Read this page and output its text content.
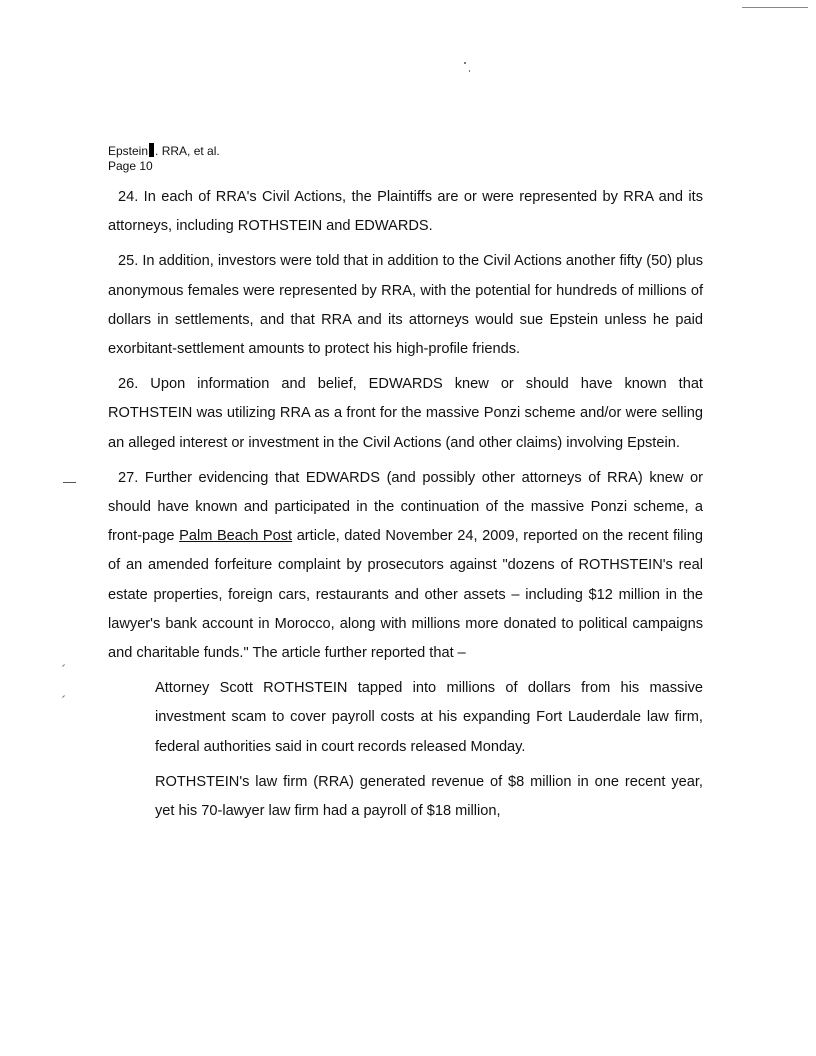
Epstein . RRA, et al.
Page 10

24. In each of RRA's Civil Actions, the Plaintiffs are or were represented by RRA and its attorneys, including ROTHSTEIN and EDWARDS.

25. In addition, investors were told that in addition to the Civil Actions another fifty (50) plus anonymous females were represented by RRA, with the potential for hundreds of millions of dollars in settlements, and that RRA and its attorneys would sue Epstein unless he paid exorbitant-settlement amounts to protect his high-profile friends.

26. Upon information and belief, EDWARDS knew or should have known that ROTHSTEIN was utilizing RRA as a front for the massive Ponzi scheme and/or were selling an alleged interest or investment in the Civil Actions (and other claims) involving Epstein.

27. Further evidencing that EDWARDS (and possibly other attorneys of RRA) knew or should have known and participated in the continuation of the massive Ponzi scheme, a front-page Palm Beach Post article, dated November 24, 2009, reported on the recent filing of an amended forfeiture complaint by prosecutors against "dozens of ROTHSTEIN's real estate properties, foreign cars, restaurants and other assets – including $12 million in the lawyer's bank account in Morocco, along with millions more donated to political campaigns and charitable funds." The article further reported that –

Attorney Scott ROTHSTEIN tapped into millions of dollars from his massive investment scam to cover payroll costs at his expanding Fort Lauderdale law firm, federal authorities said in court records released Monday.

ROTHSTEIN's law firm (RRA) generated revenue of $8 million in one recent year, yet his 70-lawyer law firm had a payroll of $18 million,
